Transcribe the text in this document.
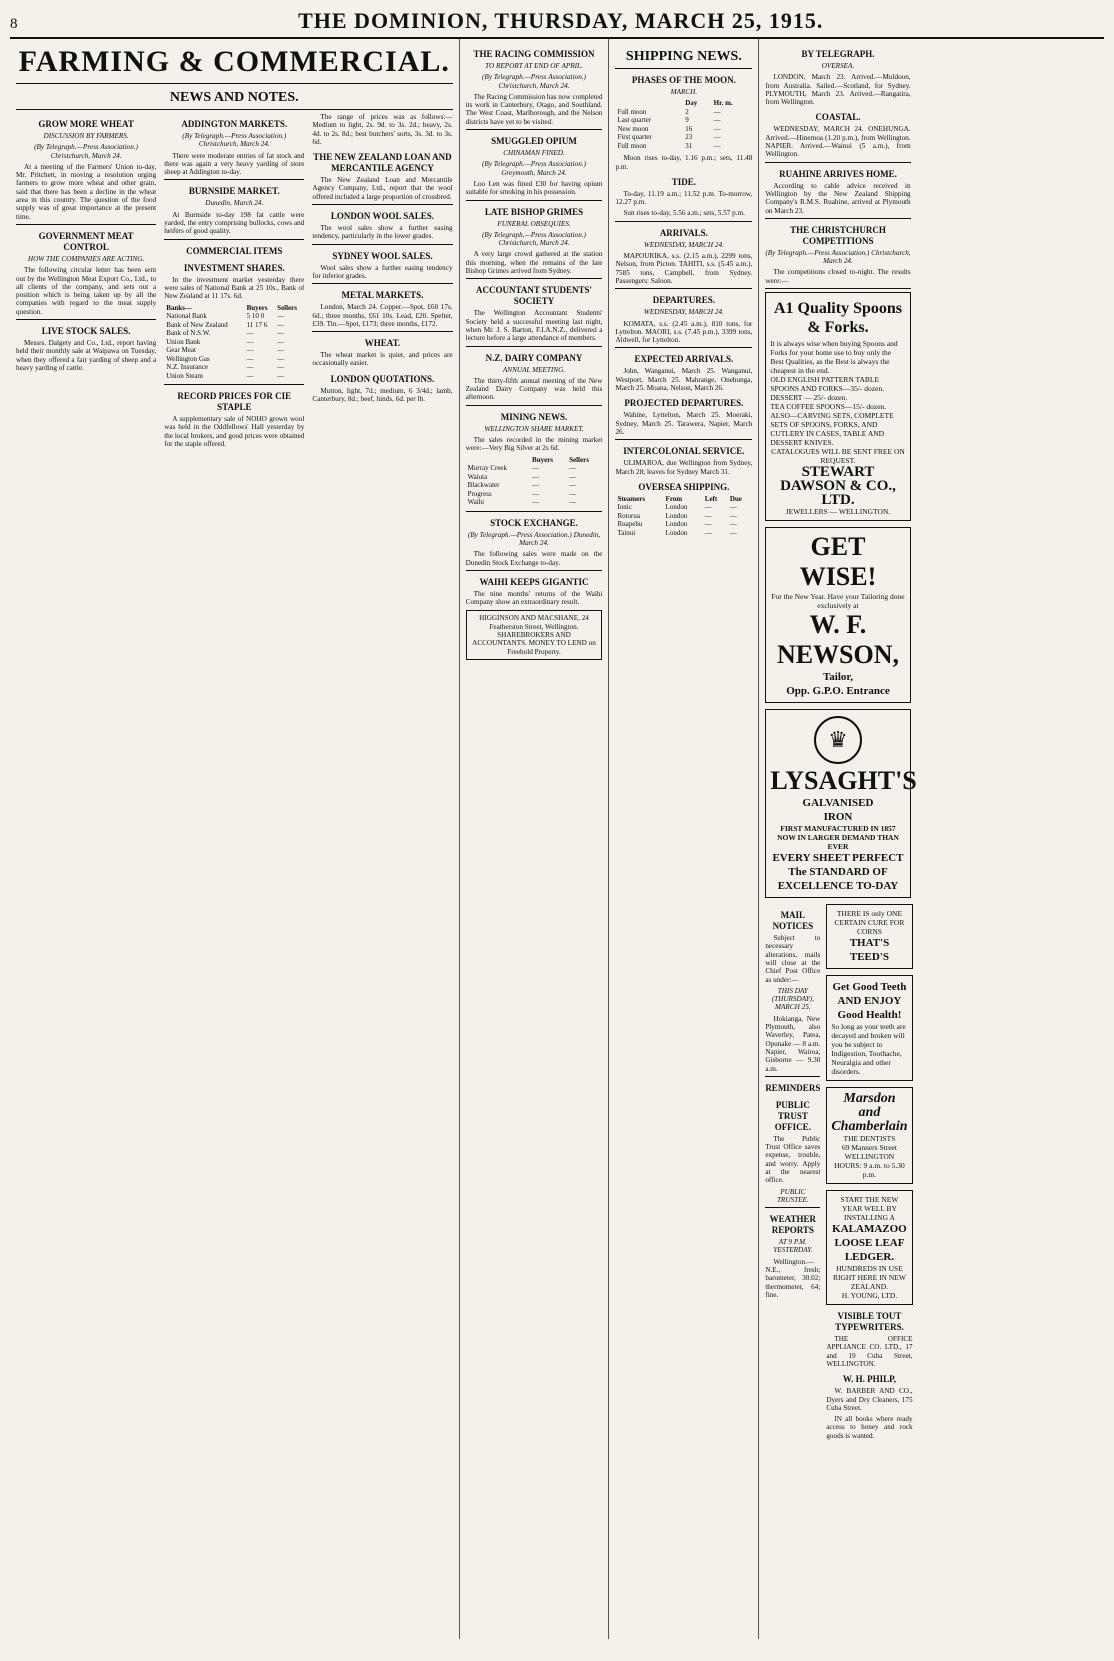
8	THE DOMINION, THURSDAY, MARCH 25, 1915.
FARMING & COMMERCIAL.
NEWS AND NOTES.
GROW MORE WHEAT
DISCUSSION BY FARMERS.
(By Telegraph.—Press Association.) Christchurch, March 24.

At a meeting of the Farmers' Union to-day, Mr. Pritchett, in moving a resolution urging farmers to grow more wheat and other grain, said that there has been a decline in the wheat area in this country. The question of the food supply was of great importance at the present time.

GOVERNMENT MEAT CONTROL
HOW THE COMPANIES ARE ACTING.

The following circular letter has been sent out by the Wellington Meat Export Co., Ltd., to all clients of the company, and sets out a position which is being taken up by all the companies with regard to the meat supply question.

LIVE STOCK SALES.

Messrs. Dalgety and Co., Ltd., report having held their monthly sale at Waipawa on Tuesday, when they offered a fair yarding of sheep and a heavy yarding of cattle.

ADDINGTON MARKETS.
(By Telegraph.—Press Association.) Christchurch, March 24.

There were moderate entries of fat stock and there was again a very heavy yarding of store sheep at Addington to-day.

BURNSIDE MARKET.
Dunedin, March 24.

At Burnside to-day 198 fat cattle were yarded, the entry comprising bullocks, cows and heifers of good quality.

COMMERCIAL ITEMS
INVESTMENT SHARES.

In the investment market yesterday there were sales of National Bank at 25 10s., Bank of New Zealand at 11 17s. 6d.

Banks—	Buyers	Sellers
National Bank	5 10 0	—
Bank of New Zealand	11 17 6	—
Bank of N.S.W.	—	—
Union Bank	—	—
Gear Meat	—	—
Wellington Gas	—	—
N.Z. Insurance	—	—
Union Steam	—	—
RECORD PRICES FOR CIE STAPLE

A supplementary sale of NOHO grown wool was held in the Oddfellows' Hall yesterday by the local brokers, and good prices were obtained for the staple offered.

The range of prices was as follows:—Medium to light, 2s. 9d. to 3s. 2d.; heavy, 2s. 4d. to 2s. 8d.; best butchers' sorts, 3s. 3d. to 3s. 6d.

THE NEW ZEALAND LOAN AND MERCANTILE AGENCY

The New Zealand Loan and Mercantile Agency Company, Ltd., report that the wool offered included a large proportion of crossbred.

LONDON WOOL SALES.

The wool sales show a further easing tendency, particularly in the lower grades.

SYDNEY WOOL SALES.

Wool sales show a further easing tendency for inferior grades.

METAL MARKETS.

London, March 24. Copper.—Spot, £60 17s. 6d.; three months, £61 10s. Lead, £20. Spelter, £39. Tin.—Spot, £173; three months, £172.

WHEAT.

The wheat market is quiet, and prices are occasionally easier.

LONDON QUOTATIONS.

Mutton, light, 7d.; medium, 6 3/4d.; lamb, Canterbury, 8d.; beef, hinds, 6d. per lb.

THE RACING COMMISSION
TO REPORT AT END OF APRIL.
(By Telegraph.—Press Association.) Christchurch, March 24.

The Racing Commission has now completed its work in Canterbury, Otago, and Southland. The West Coast, Marlborough, and the Nelson districts have yet to be visited.

SMUGGLED OPIUM
CHINAMAN FINED.
(By Telegraph.—Press Association.) Greymouth, March 24.

Loo Len was fined £30 for having opium suitable for smoking in his possession.

LATE BISHOP GRIMES
FUNERAL OBSEQUIES.
(By Telegraph.—Press Association.) Christchurch, March 24.

A very large crowd gathered at the station this morning, when the remains of the late Bishop Grimes arrived from Sydney.

ACCOUNTANT STUDENTS' SOCIETY

The Wellington Accountant Students' Society held a successful meeting last night, when Mr. J. S. Barton, F.I.A.N.Z., delivered a lecture before a large attendance of members.

N.Z. DAIRY COMPANY
ANNUAL MEETING.

The thirty-fifth annual meeting of the New Zealand Dairy Company was held this afternoon.

MINING NEWS.
WELLINGTON SHARE MARKET.

The sales recorded in the mining market were:—Very Big Silver at 2s 6d.

	Buyers	Sellers
Murray Creek	—	—
Waiuta	—	—
Blackwater	—	—
Progress	—	—
Waihi	—	—
STOCK EXCHANGE.
(By Telegraph.—Press Association.) Dunedin, March 24.

The following sales were made on the Dunedin Stock Exchange to-day.

WAIHI KEEPS GIGANTIC

The nine months' returns of the Waihi Company show an extraordinary result.

HIGGINSON AND MACSHANE, 24 Featherston Street, Wellington. SHAREBROKERS AND ACCOUNTANTS. MONEY TO LEND on Freehold Property.
SHIPPING NEWS.
PHASES OF THE MOON.
MARCH.
	Day	Hr. m.
Full moon	2	—
Last quarter	9	—
New moon	16	—
First quarter	23	—
Full moon	31	—

Moon rises to-day, 1.16 p.m.; sets, 11.48 p.m.

TIDE.

To-day, 11.19 a.m.; 11.52 p.m. To-morrow, 12.27 p.m.

Sun rises to-day, 5.56 a.m.; sets, 5.57 p.m.

ARRIVALS.
WEDNESDAY, MARCH 24.

MAPOURIKA, s.s. (2.15 a.m.), 2299 tons, Nelson, from Picton. TAHITI, s.s. (5.45 a.m.), 7585 tons, Campbell, from Sydney. Passengers: Saloon.

DEPARTURES.
WEDNESDAY, MARCH 24.

KOMATA, s.s. (2.45 a.m.), 810 tons, for Lyttelton. MAORI, s.s. (7.45 p.m.), 3399 tons, Aldwell, for Lyttelton.

EXPECTED ARRIVALS.

John, Wanganui, March 25. Wanganui, Westport, March 25. Mahrange, Onehunga, March 25. Moana, Nelson, March 26.

PROJECTED DEPARTURES.

Wahine, Lyttelton, March 25. Moeraki, Sydney, March 25. Tarawera, Napier, March 26.

INTERCOLONIAL SERVICE.

ULIMAROA, due Wellington from Sydney, March 28; leaves for Sydney March 31.

OVERSEA SHIPPING.
Steamers	From	Left	Due
Ionic	London	—	—
Rotorua	London	—	—
Ruapehu	London	—	—
Tainui	London	—	—
BY TELEGRAPH.
OVERSEA.

LONDON, March 23. Arrived.—Muldoon, from Australia. Sailed.—Scotland, for Sydney. PLYMOUTH, March 23. Arrived.—Rangatira, from Wellington.

COASTAL.

WEDNESDAY, MARCH 24. ONEHUNGA. Arrived.—Hinemoa (1.20 p.m.), from Wellington. NAPIER. Arrived.—Wainui (5 a.m.), from Wellington.

RUAHINE ARRIVES HOME.

According to cable advice received in Wellington by the New Zealand Shipping Company's R.M.S. Ruahine, arrived at Plymouth on March 23.

THE CHRISTCHURCH COMPETITIONS
(By Telegraph.—Press Association.) Christchurch, March 24.

The competitions closed to-night. The results were:—

A1 Quality Spoons & Forks.
It is always wise when buying Spoons and Forks for your home use to buy only the Best Qualities, as the Best is always the cheapest in the end.
OLD ENGLISH PATTERN TABLE SPOONS AND FORKS—35/- dozen.
DESSERT — 25/- dozen.
TEA COFFEE SPOONS—15/- dozen.
ALSO—CARVING SETS, COMPLETE SETS OF SPOONS, FORKS, AND CUTLERY IN CASES, TABLE AND DESSERT KNIVES.
CATALOGUES WILL BE SENT FREE ON REQUEST.
STEWART DAWSON & CO., LTD.
JEWELLERS — WELLINGTON.
GET WISE!
For the New Year. Have your Tailoring done exclusively at
W. F. NEWSON,
Tailor,
Opp. G.P.O. Entrance
♛
LYSAGHT'S
GALVANISED
IRON
FIRST MANUFACTURED IN 1857
NOW IN LARGER DEMAND THAN EVER
EVERY SHEET PERFECT
The STANDARD OF EXCELLENCE TO-DAY
MAIL NOTICES

Subject to necessary alterations, mails will close at the Chief Post Office as under:—

THIS DAY (THURSDAY), MARCH 25.

Hokianga, New Plymouth, also Waverley, Patea, Opunake — 8 a.m. Napier, Wairoa, Gisborne — 9.30 a.m.

REMINDERS
PUBLIC TRUST OFFICE.

The Public Trust Office saves expense, trouble, and worry. Apply at the nearest office.

PUBLIC TRUSTEE.
WEATHER REPORTS
AT 9 P.M. YESTERDAY.

Wellington.—N.E., fresh; barometer, 30.02; thermometer, 64; fine.

THERE IS only ONE CERTAIN CURE FOR CORNS
THAT'S TEED'S
Get Good Teeth
AND ENJOY Good Health!
So long as your teeth are decayed and broken will you be subject to Indigestion, Toothache, Neuralgia and other disorders.
Marsdon and
Chamberlain
THE DENTISTS
69 Manners Street WELLINGTON
HOURS: 9 a.m. to 5.30 p.m.
START THE NEW YEAR WELL BY INSTALLING A
KALAMAZOO LOOSE LEAF LEDGER.
HUNDREDS IN USE RIGHT HERE IN NEW ZEALAND.
H. YOUNG, LTD.
VISIBLE TOUT TYPEWRITERS.

THE OFFICE APPLIANCE CO. LTD., 17 and 19 Cuba Street, WELLINGTON.

W. H. PHILP,

W. BARBER AND CO., Dyers and Dry Cleaners, 175 Cuba Street.

IN all books where ready access to honey and rock goods is wanted.
